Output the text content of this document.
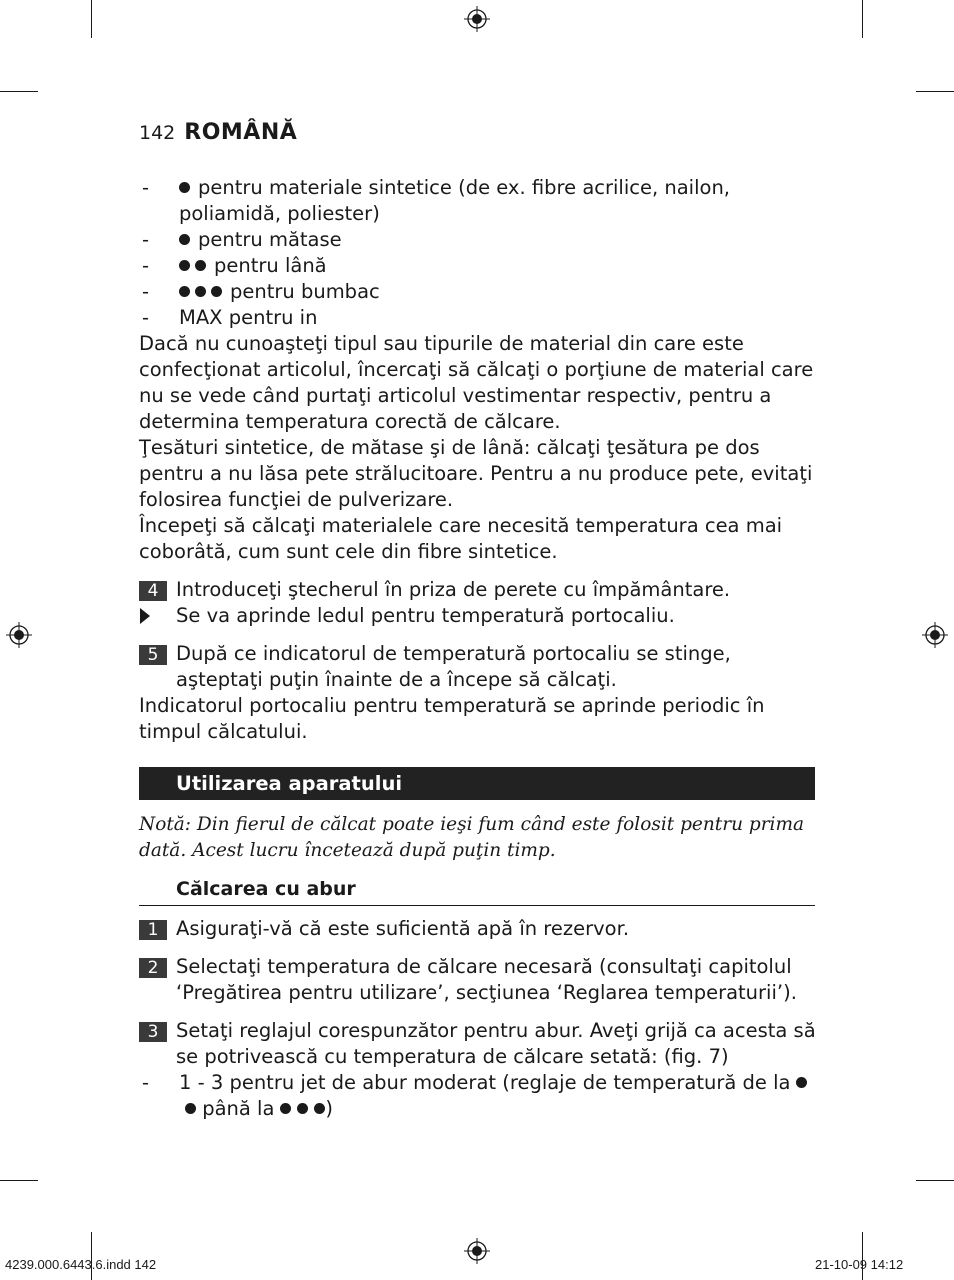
142 ROMÂNĂ
-	pentru materiale sintetice (de ex. fibre acrilice, nailon, poliamidă, poliester)
-	pentru mătase
-	pentru lână
-	pentru bumbac
-	MAX pentru in

Dacă nu cunoaşteţi tipul sau tipurile de material din care este confecţionat articolul, încercaţi să călcaţi o porţiune de material care nu se vede când purtaţi articolul vestimentar respectiv, pentru a determina temperatura corectă de călcare.

Ţesături sintetice, de mătase şi de lână: călcaţi ţesătura pe dos pentru a nu lăsa pete strălucitoare. Pentru a nu produce pete, evitaţi folosirea funcţiei de pulverizare.

Începeţi să călcaţi materialele care necesită temperatura cea mai coborâtă, cum sunt cele din fibre sintetice.

4 Introduceţi ştecherul în priza de perete cu împământare.
Se va aprinde ledul pentru temperatură portocaliu.
5 După ce indicatorul de temperatură portocaliu se stinge, aşteptaţi puţin înainte de a începe să călcaţi.

Indicatorul portocaliu pentru temperatură se aprinde periodic în timpul călcatului.

Utilizarea aparatului
Notă: Din fierul de călcat poate ieşi fum când este folosit pentru prima dată. Acest lucru încetează după puţin timp.
Călcarea cu abur
1 Asiguraţi-vă că este suficientă apă în rezervor.
2 Selectaţi temperatura de călcare necesară (consultaţi capitolul ‘Pregătirea pentru utilizare’, secţiunea ‘Reglarea temperaturii’).
3 Setaţi reglajul corespunzător pentru abur. Aveţi grijă ca acesta să se potrivească cu temperatura de călcare setată: (fig. 7)
-	1 - 3 pentru jet de abur moderat (reglaje de temperatură de la până la	)
4239.000.6443.6.indd 142	21-10-09 14:12
